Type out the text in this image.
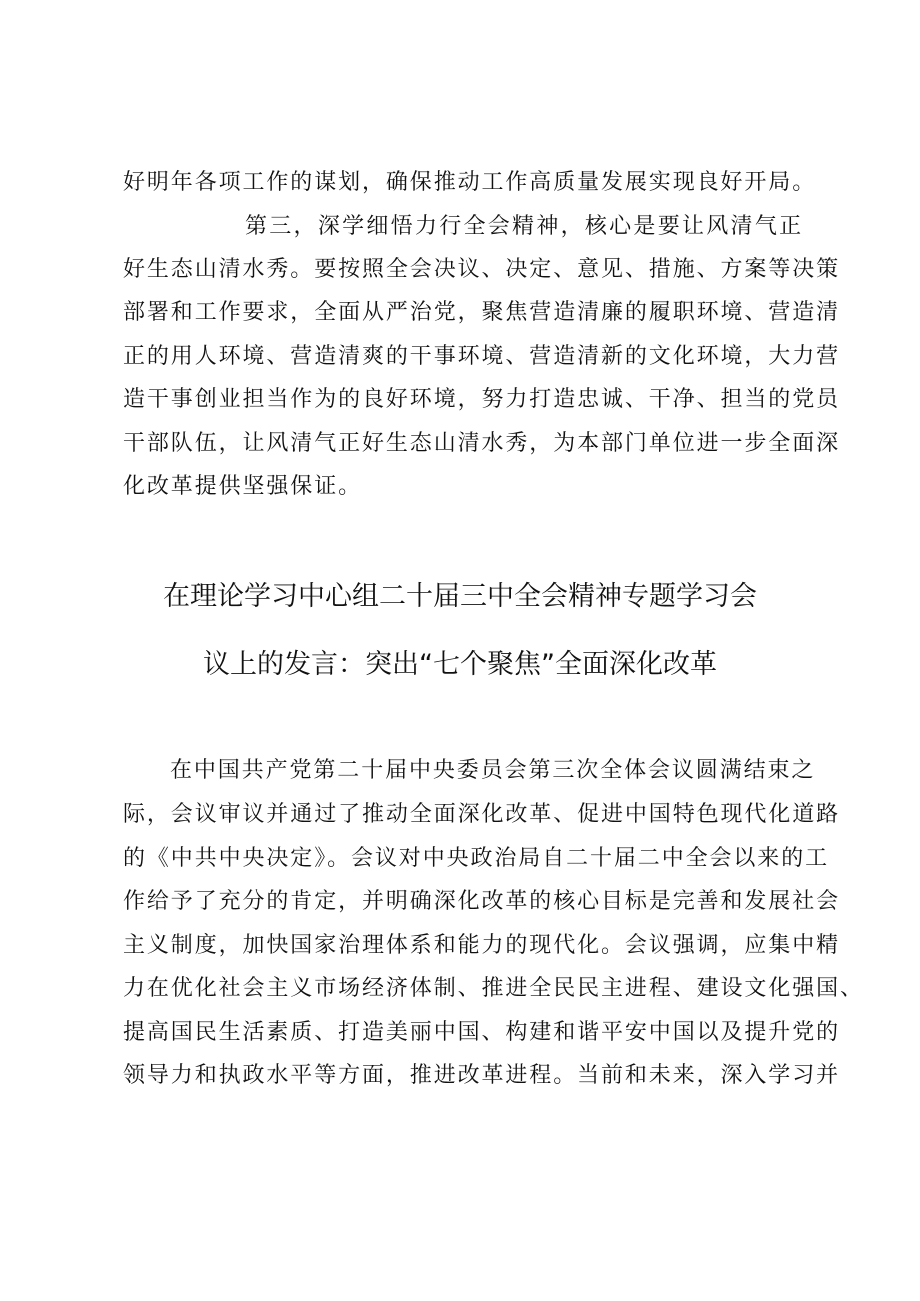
好明年各项工作的谋划，确保推动工作高质量发展实现良好开局。
第三，深学细悟力行全会精神，核心是要让风清气正
好生态山清水秀。要按照全会决议、决定、意见、措施、方案等决策
部署和工作要求，全面从严治党，聚焦营造清廉的履职环境、营造清
正的用人环境、营造清爽的干事环境、营造清新的文化环境，大力营
造干事创业担当作为的良好环境，努力打造忠诚、干净、担当的党员
干部队伍，让风清气正好生态山清水秀，为本部门单位进一步全面深
化改革提供坚强保证。
在理论学习中心组二十届三中全会精神专题学习会
议上的发言：突出“七个聚焦”全面深化改革
在中国共产党第二十届中央委员会第三次全体会议圆满结束之
际，会议审议并通过了推动全面深化改革、促进中国特色现代化道路
的《中共中央决定》。会议对中央政治局自二十届二中全会以来的工
作给予了充分的肯定，并明确深化改革的核心目标是完善和发展社会
主义制度，加快国家治理体系和能力的现代化。会议强调，应集中精
力在优化社会主义市场经济体制、推进全民民主进程、建设文化强国、
提高国民生活素质、打造美丽中国、构建和谐平安中国以及提升党的
领导力和执政水平等方面，推进改革进程。当前和未来，深入学习并
